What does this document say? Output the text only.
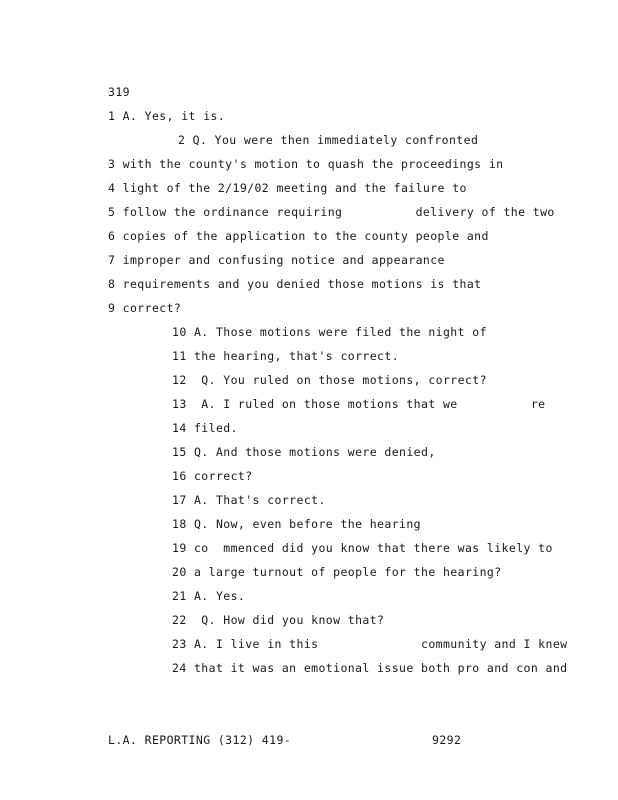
319
1 A. Yes, it is.
2 Q. You were then immediately confronted
3 with the county's motion to quash the proceedings in
4 light of the 2/19/02 meeting and the failure to
5 follow the ordinance requiring          delivery of the two
6 copies of the application to the county people and
7 improper and confusing notice and appearance
8 requirements and you denied those motions is that
9 correct?
10 A. Those motions were filed the night of
11 the hearing, that's correct.
12  Q. You ruled on those motions, correct?
13  A. I ruled on those motions that we          re
14 filed.
15 Q. And those motions were denied,
16 correct?
17 A. That's correct.
18 Q. Now, even before the hearing
19 co  mmenced did you know that there was likely to
20 a large turnout of people for the hearing?
21 A. Yes.
22  Q. How did you know that?
23 A. I live in this              community and I knew
24 that it was an emotional issue both pro and con and
L.A. REPORTING (312) 419-	9292
